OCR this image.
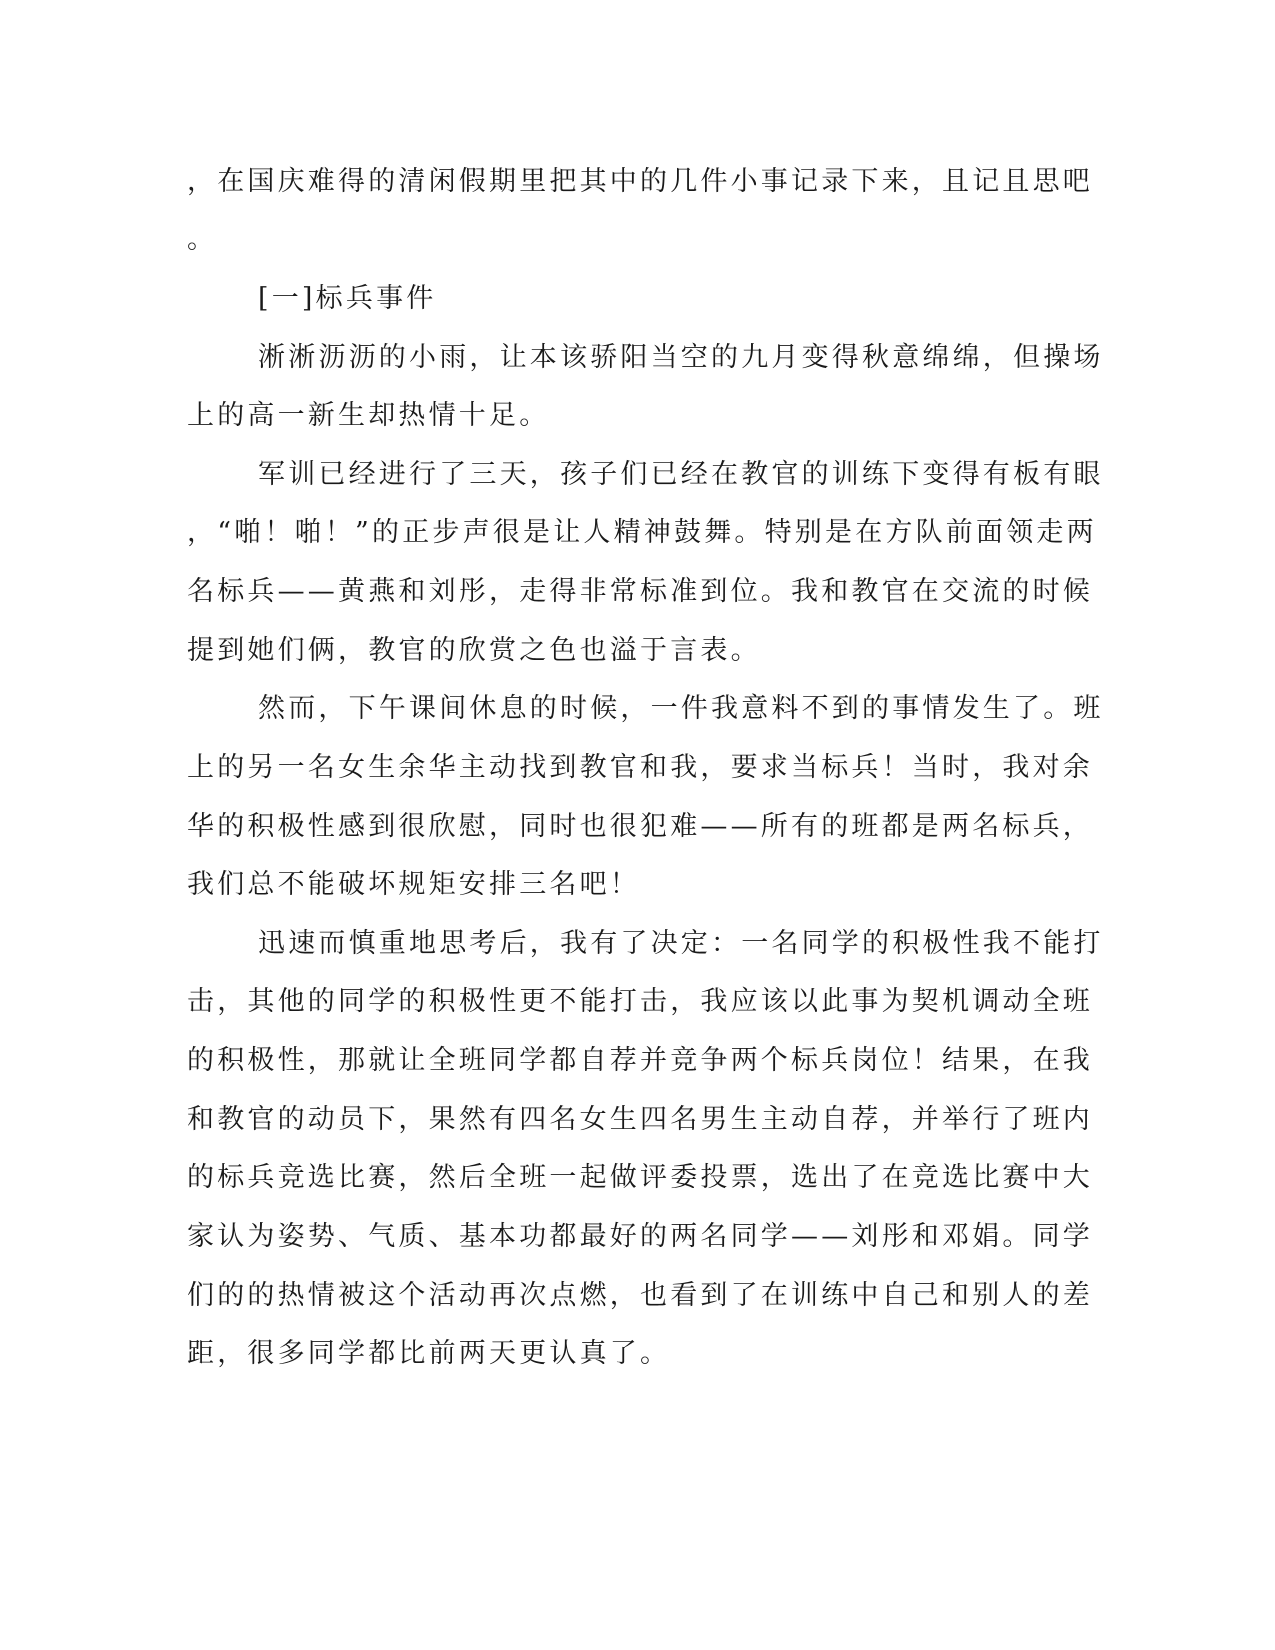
，在国庆难得的清闲假期里把其中的几件小事记录下来，且记且思吧
。
[一]标兵事件
淅淅沥沥的小雨，让本该骄阳当空的九月变得秋意绵绵，但操场
上的高一新生却热情十足。
军训已经进行了三天，孩子们已经在教官的训练下变得有板有眼
，“啪！啪！”的正步声很是让人精神鼓舞。特别是在方队前面领走两
名标兵——黄燕和刘彤，走得非常标准到位。我和教官在交流的时候
提到她们俩，教官的欣赏之色也溢于言表。
然而，下午课间休息的时候，一件我意料不到的事情发生了。班
上的另一名女生余华主动找到教官和我，要求当标兵！当时，我对余
华的积极性感到很欣慰，同时也很犯难——所有的班都是两名标兵，
我们总不能破坏规矩安排三名吧！
迅速而慎重地思考后，我有了决定：一名同学的积极性我不能打
击，其他的同学的积极性更不能打击，我应该以此事为契机调动全班
的积极性，那就让全班同学都自荐并竞争两个标兵岗位！结果，在我
和教官的动员下，果然有四名女生四名男生主动自荐，并举行了班内
的标兵竞选比赛，然后全班一起做评委投票，选出了在竞选比赛中大
家认为姿势、气质、基本功都最好的两名同学——刘彤和邓娟。同学
们的的热情被这个活动再次点燃，也看到了在训练中自己和别人的差
距，很多同学都比前两天更认真了。
